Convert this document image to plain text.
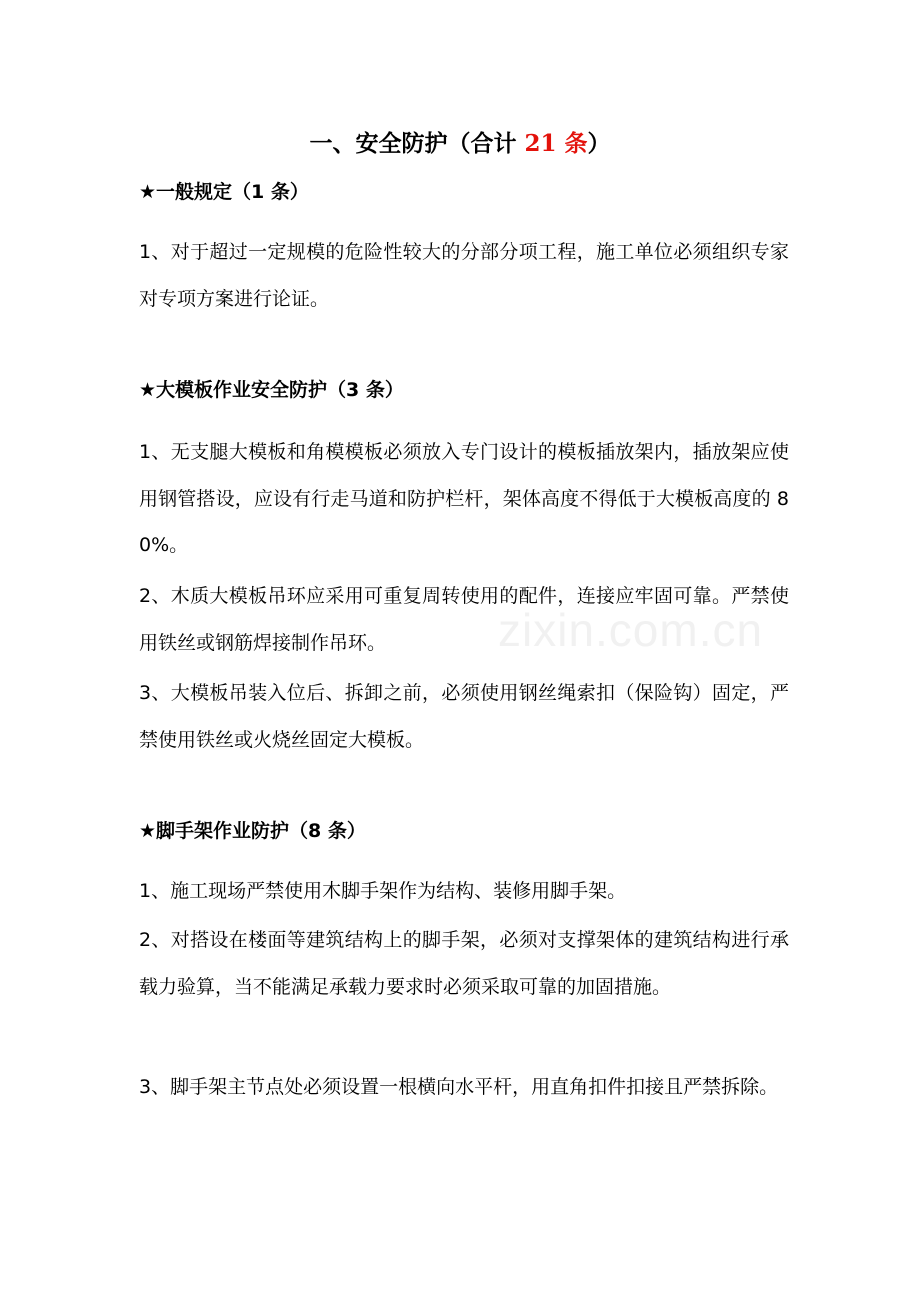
zixin.com.cn
一、安全防护（合计 21 条）
★一般规定（1 条）
1、对于超过一定规模的危险性较大的分部分项工程，施工单位必须组织专家对专项方案进行论证。
★大模板作业安全防护（3 条）
1、无支腿大模板和角模模板必须放入专门设计的模板插放架内，插放架应使用钢管搭设，应设有行走马道和防护栏杆，架体高度不得低于大模板高度的 80%。
2、木质大模板吊环应采用可重复周转使用的配件，连接应牢固可靠。严禁使用铁丝或钢筋焊接制作吊环。
3、大模板吊装入位后、拆卸之前，必须使用钢丝绳索扣（保险钩）固定，严禁使用铁丝或火烧丝固定大模板。
★脚手架作业防护（8 条）
1、施工现场严禁使用木脚手架作为结构、装修用脚手架。
2、对搭设在楼面等建筑结构上的脚手架，必须对支撑架体的建筑结构进行承载力验算，当不能满足承载力要求时必须采取可靠的加固措施。
3、脚手架主节点处必须设置一根横向水平杆，用直角扣件扣接且严禁拆除。
